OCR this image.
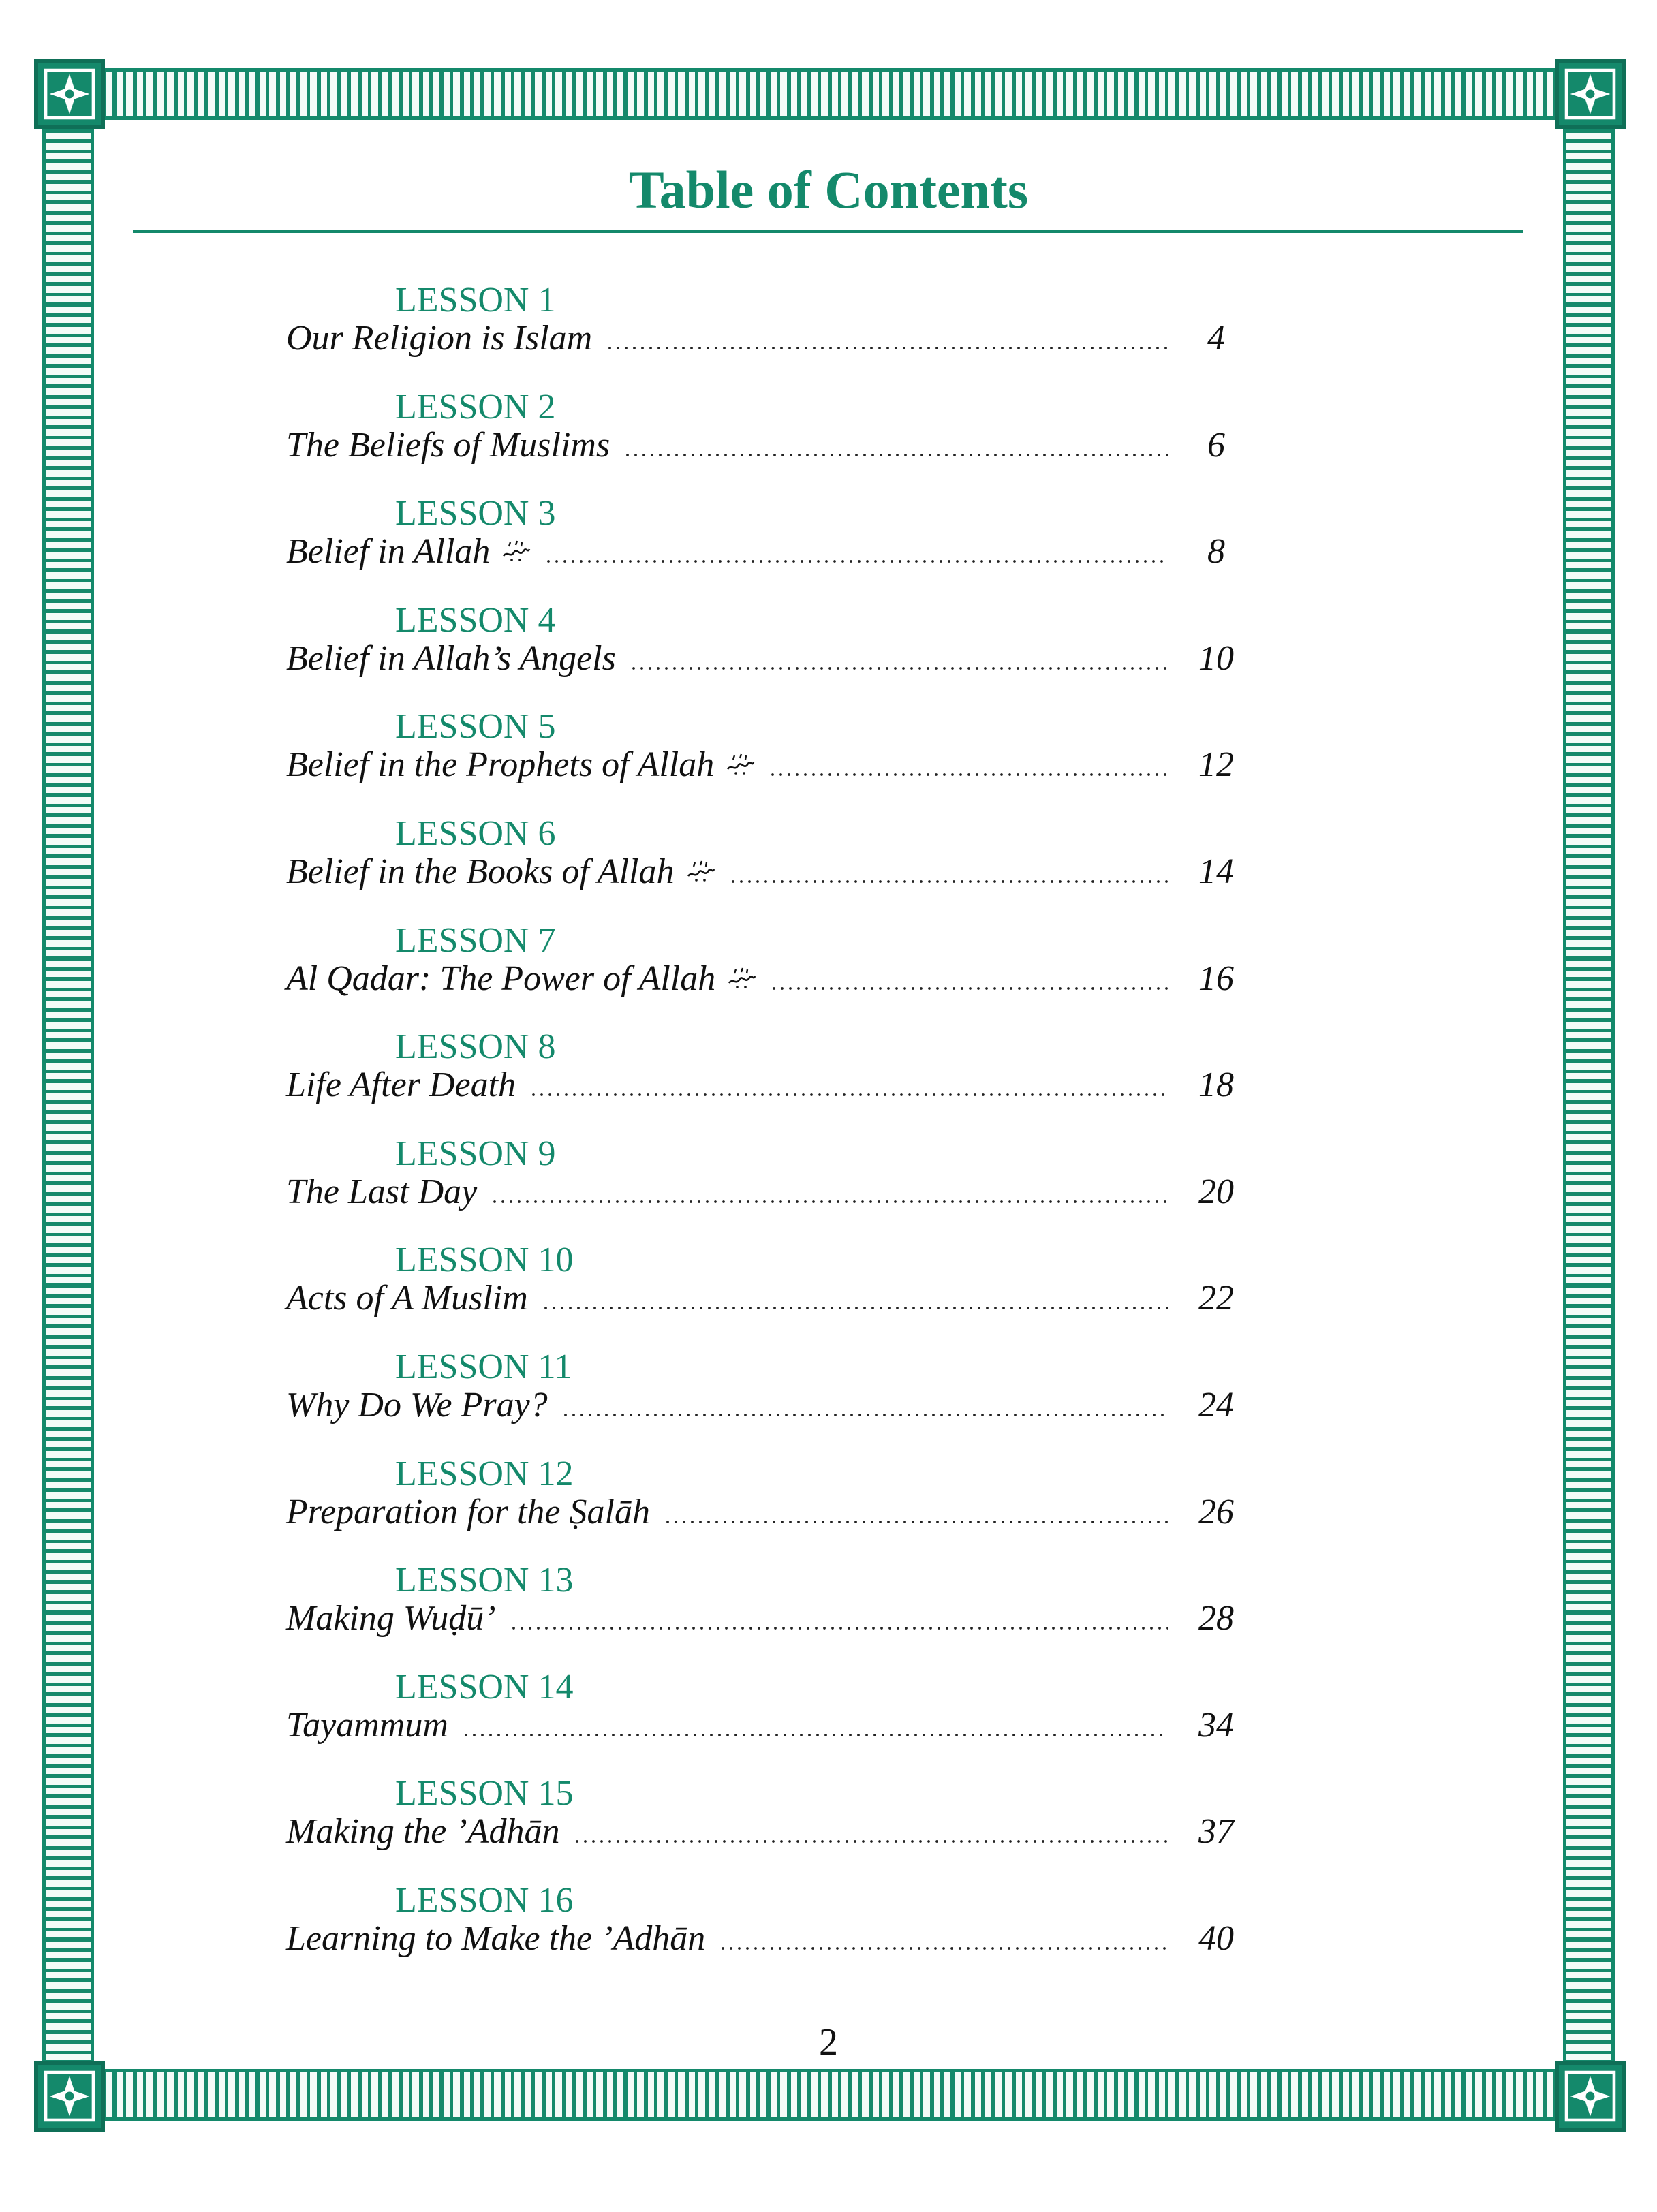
Table of Contents
LESSON 1
Our Religion is Islam	4
LESSON 2
The Beliefs of Muslims	6
LESSON 3
Belief in Allah	8
LESSON 4
Belief in Allah’s Angels	10
LESSON 5
Belief in the Prophets of Allah	12
LESSON 6
Belief in the Books of Allah	14
LESSON 7
Al Qadar: The Power of Allah	16
LESSON 8
Life After Death	18
LESSON 9
The Last Day	20
LESSON 10
Acts of A Muslim	22
LESSON 11
Why Do We Pray?	24
LESSON 12
Preparation for the Ṣalāh	26
LESSON 13
Making Wuḍū’	28
LESSON 14
Tayammum	34
LESSON 15
Making the ’Adhān	37
LESSON 16
Learning to Make the ’Adhān	40
2
